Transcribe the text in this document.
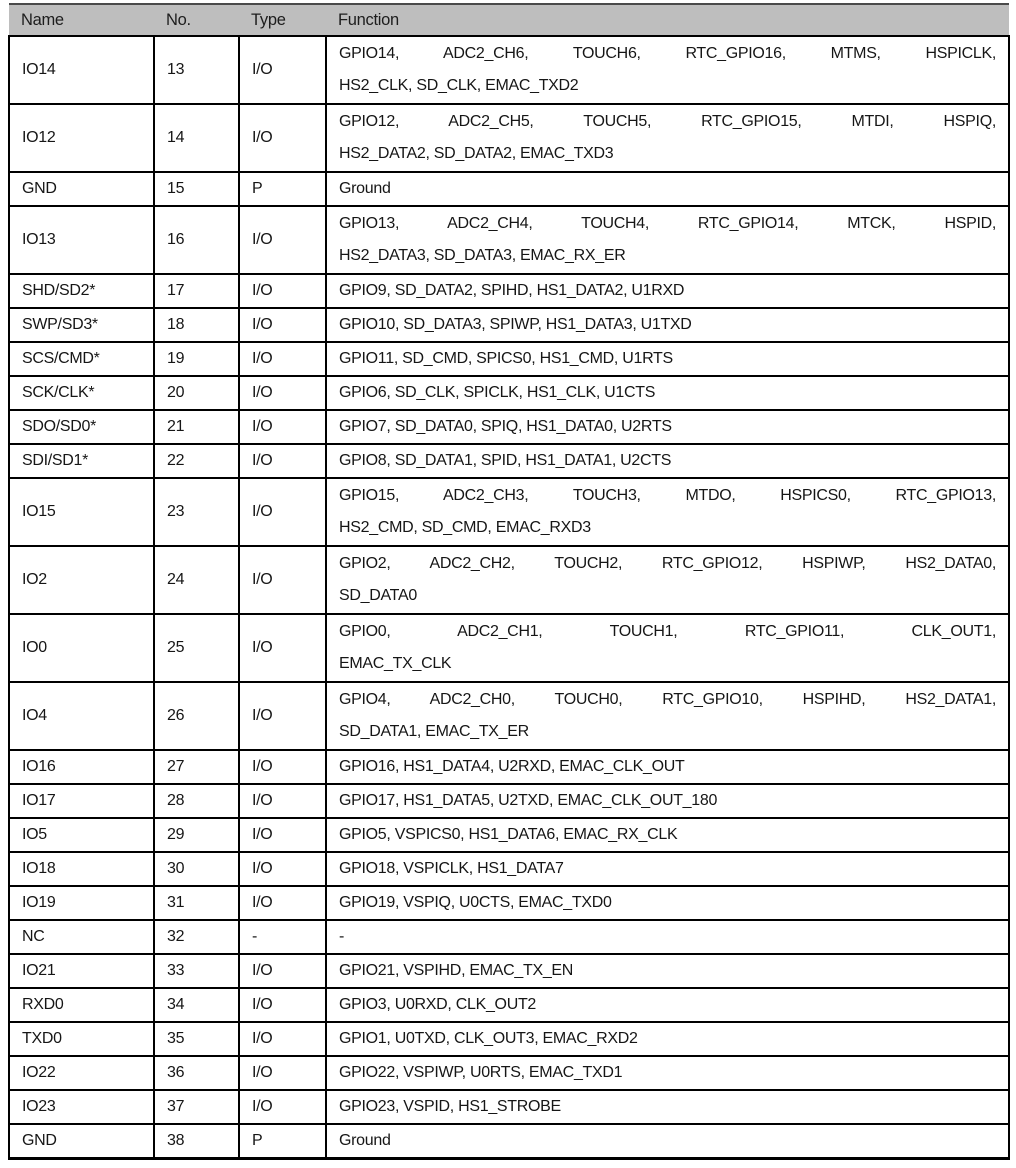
Name	No.	Type	Function
IO14	13	I/O	GPIO14, ADC2_CH6, TOUCH6, RTC_GPIO16, MTMS, HSPICLK,
HS2_CLK, SD_CLK, EMAC_TXD2

IO12	14	I/O	GPIO12, ADC2_CH5, TOUCH5, RTC_GPIO15, MTDI, HSPIQ,
HS2_DATA2, SD_DATA2, EMAC_TXD3

GND	15	P	Ground

IO13	16	I/O	GPIO13, ADC2_CH4, TOUCH4, RTC_GPIO14, MTCK, HSPID,
HS2_DATA3, SD_DATA3, EMAC_RX_ER

SHD/SD2*	17	I/O	GPIO9, SD_DATA2, SPIHD, HS1_DATA2, U1RXD

SWP/SD3*	18	I/O	GPIO10, SD_DATA3, SPIWP, HS1_DATA3, U1TXD

SCS/CMD*	19	I/O	GPIO11, SD_CMD, SPICS0, HS1_CMD, U1RTS

SCK/CLK*	20	I/O	GPIO6, SD_CLK, SPICLK, HS1_CLK, U1CTS

SDO/SD0*	21	I/O	GPIO7, SD_DATA0, SPIQ, HS1_DATA0, U2RTS

SDI/SD1*	22	I/O	GPIO8, SD_DATA1, SPID, HS1_DATA1, U2CTS

IO15	23	I/O	GPIO15, ADC2_CH3, TOUCH3, MTDO, HSPICS0, RTC_GPIO13,
HS2_CMD, SD_CMD, EMAC_RXD3

IO2	24	I/O	GPIO2, ADC2_CH2, TOUCH2, RTC_GPIO12, HSPIWP, HS2_DATA0,
SD_DATA0

IO0	25	I/O	GPIO0, ADC2_CH1, TOUCH1, RTC_GPIO11, CLK_OUT1,
EMAC_TX_CLK

IO4	26	I/O	GPIO4, ADC2_CH0, TOUCH0, RTC_GPIO10, HSPIHD, HS2_DATA1,
SD_DATA1, EMAC_TX_ER

IO16	27	I/O	GPIO16, HS1_DATA4, U2RXD, EMAC_CLK_OUT

IO17	28	I/O	GPIO17, HS1_DATA5, U2TXD, EMAC_CLK_OUT_180

IO5	29	I/O	GPIO5, VSPICS0, HS1_DATA6, EMAC_RX_CLK

IO18	30	I/O	GPIO18, VSPICLK, HS1_DATA7

IO19	31	I/O	GPIO19, VSPIQ, U0CTS, EMAC_TXD0

NC	32	-	-

IO21	33	I/O	GPIO21, VSPIHD, EMAC_TX_EN

RXD0	34	I/O	GPIO3, U0RXD, CLK_OUT2

TXD0	35	I/O	GPIO1, U0TXD, CLK_OUT3, EMAC_RXD2

IO22	36	I/O	GPIO22, VSPIWP, U0RTS, EMAC_TXD1

IO23	37	I/O	GPIO23, VSPID, HS1_STROBE

GND	38	P	Ground
